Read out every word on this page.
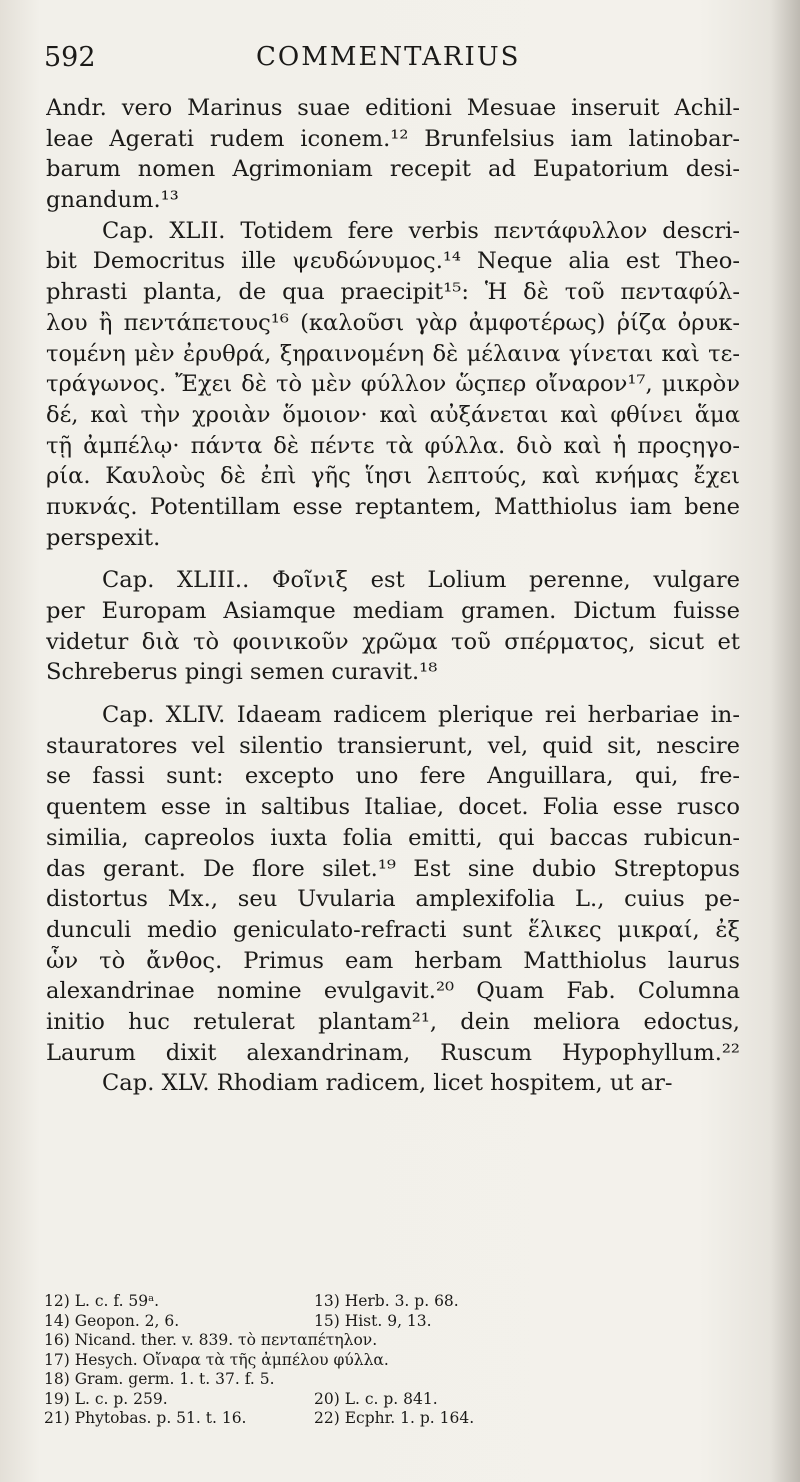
592	COMMENTARIUS
Andr. vero Marinus suae editioni Mesuae inseruit Achil-
leae Agerati rudem iconem.¹² Brunfelsius iam latinobar-
barum nomen Agrimoniam recepit ad Eupatorium desi-
gnandum.¹³
Cap. XLII. Totidem fere verbis πεντάφυλλον descri-
bit Democritus ille ψευδώνυμος.¹⁴ Neque alia est Theo-
phrasti planta, de qua praecipit¹⁵: Ἡ δὲ τοῦ πενταφύλ-
λου ἢ πεντάπετους¹⁶ (καλοῦσι γὰρ ἀμφοτέρως) ῥίζα ὀρυκ-
τομένη μὲν ἐρυθρά, ξηραινομένη δὲ μέλαινα γίνεται καὶ τε-
τράγωνος. Ἔχει δὲ τὸ μὲν φύλλον ὥςπερ οἴναρον¹⁷, μικρὸν
δέ, καὶ τὴν χροιὰν ὅμοιον· καὶ αὐξάνεται καὶ φθίνει ἅμα
τῇ ἀμπέλῳ· πάντα δὲ πέντε τὰ φύλλα. διὸ καὶ ἡ προςηγο-
ρία. Καυλοὺς δὲ ἐπὶ γῆς ἵησι λεπτούς, καὶ κνήμας ἔχει
πυκνάς. Potentillam esse reptantem, Matthiolus iam bene
perspexit.
Cap. XLIII.. Φοῖνιξ est Lolium perenne, vulgare
per Europam Asiamque mediam gramen. Dictum fuisse
videtur διὰ τὸ φοινικοῦν χρῶμα τοῦ σπέρματος, sicut et
Schreberus pingi semen curavit.¹⁸
Cap. XLIV. Idaeam radicem plerique rei herbariae in-
stauratores vel silentio transierunt, vel, quid sit, nescire
se fassi sunt: excepto uno fere Anguillara, qui, fre-
quentem esse in saltibus Italiae, docet. Folia esse rusco
similia, capreolos iuxta folia emitti, qui baccas rubicun-
das gerant. De flore silet.¹⁹ Est sine dubio Streptopus
distortus Mx., seu Uvularia amplexifolia L., cuius pe-
dunculi medio geniculato-refracti sunt ἕλικες μικραί, ἐξ
ὧν τὸ ἄνθος. Primus eam herbam Matthiolus laurus
alexandrinae nomine evulgavit.²⁰ Quam Fab. Columna
initio huc retulerat plantam²¹, dein meliora edoctus,
Laurum dixit alexandrinam, Ruscum Hypophyllum.²²
Cap. XLV. Rhodiam radicem, licet hospitem, ut ar-
12) L. c. f. 59ᵃ.	13) Herb. 3. p. 68.
14) Geopon. 2, 6.	15) Hist. 9, 13.
16) Nicand. ther. v. 839. τὸ πενταπέτηλον.
17) Hesych. Οἴναρα τὰ τῆς ἀμπέλου φύλλα.
18) Gram. germ. 1. t. 37. f. 5.
19) L. c. p. 259.	20) L. c. p. 841.
21) Phytobas. p. 51. t. 16.	22) Ecphr. 1. p. 164.
